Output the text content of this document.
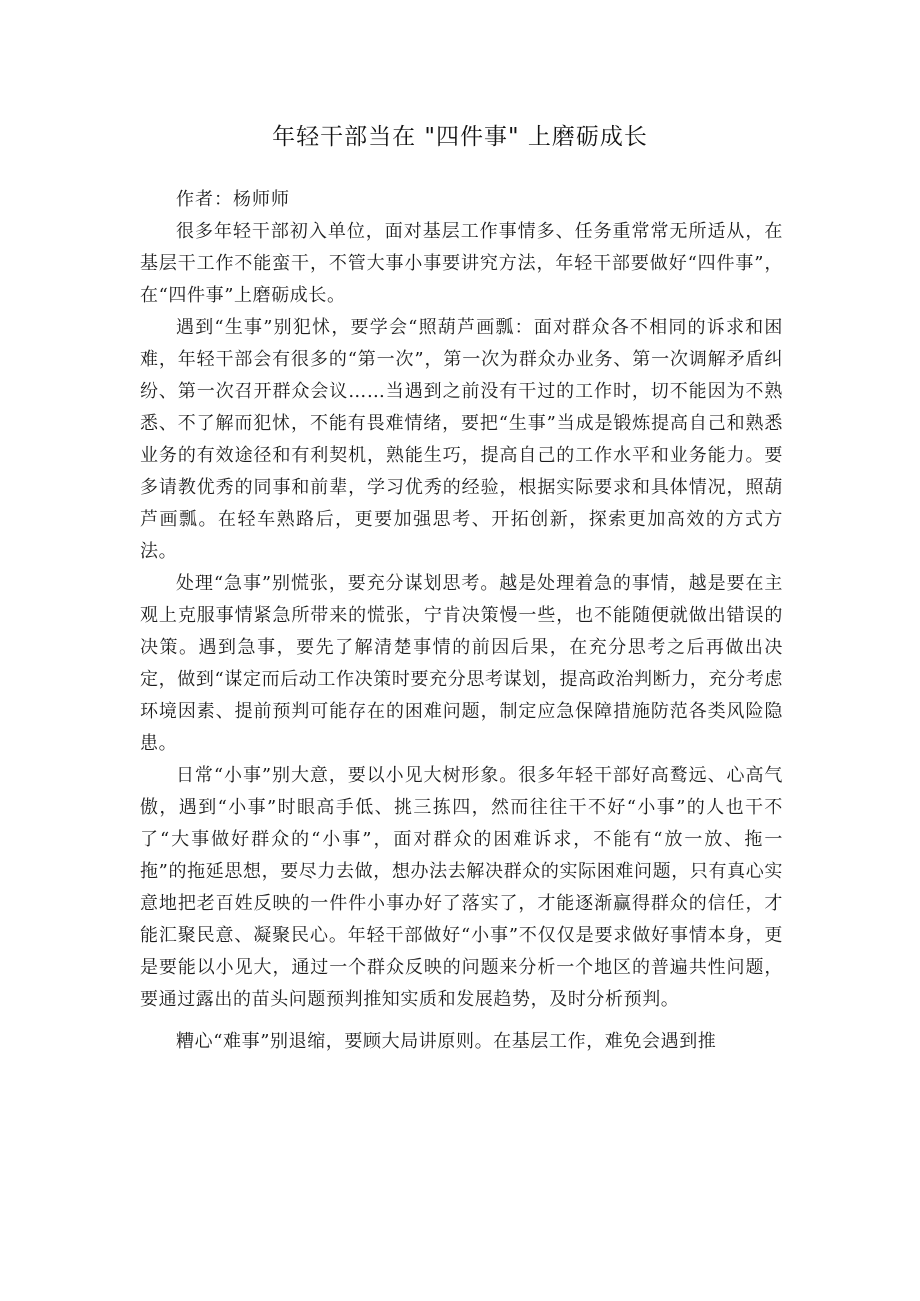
年轻干部当在 "四件事" 上磨砺成长

作者：杨师师

很多年轻干部初入单位，面对基层工作事情多、任务重常常无所适从，在基层干工作不能蛮干，不管大事小事要讲究方法，年轻干部要做好“四件事”，在“四件事”上磨砺成长。

遇到“生事”别犯怵，要学会“照葫芦画瓢：面对群众各不相同的诉求和困难，年轻干部会有很多的“第一次”，第一次为群众办业务、第一次调解矛盾纠纷、第一次召开群众会议……当遇到之前没有干过的工作时，切不能因为不熟悉、不了解而犯怵，不能有畏难情绪，要把“生事”当成是锻炼提高自己和熟悉业务的有效途径和有利契机，熟能生巧，提高自己的工作水平和业务能力。要多请教优秀的同事和前辈，学习优秀的经验，根据实际要求和具体情况，照葫芦画瓢。在轻车熟路后，更要加强思考、开拓创新，探索更加高效的方式方法。

处理“急事”别慌张，要充分谋划思考。越是处理着急的事情，越是要在主观上克服事情紧急所带来的慌张，宁肯决策慢一些，也不能随便就做出错误的决策。遇到急事，要先了解清楚事情的前因后果，在充分思考之后再做出决定，做到“谋定而后动工作决策时要充分思考谋划，提高政治判断力，充分考虑环境因素、提前预判可能存在的困难问题，制定应急保障措施防范各类风险隐患。

日常“小事”别大意，要以小见大树形象。很多年轻干部好高鹜远、心高气傲，遇到“小事”时眼高手低、挑三拣四，然而往往干不好“小事”的人也干不了“大事做好群众的“小事”，面对群众的困难诉求，不能有“放一放、拖一拖”的拖延思想，要尽力去做，想办法去解决群众的实际困难问题，只有真心实意地把老百姓反映的一件件小事办好了落实了，才能逐渐赢得群众的信任，才能汇聚民意、凝聚民心。年轻干部做好“小事”不仅仅是要求做好事情本身，更是要能以小见大，通过一个群众反映的问题来分析一个地区的普遍共性问题，要通过露出的苗头问题预判推知实质和发展趋势，及时分析预判。

糟心“难事”别退缩，要顾大局讲原则。在基层工作，难免会遇到推
